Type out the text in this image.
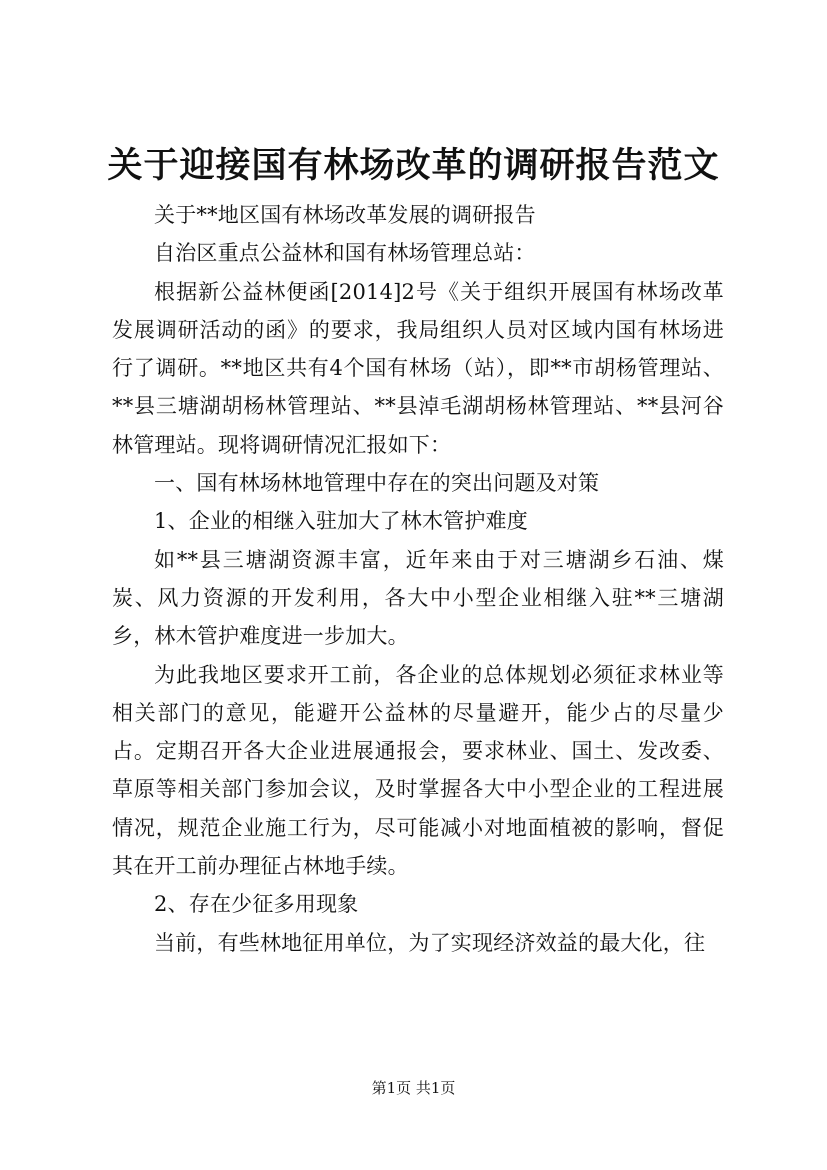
关于迎接国有林场改革的调研报告范文
关于**地区国有林场改革发展的调研报告
自治区重点公益林和国有林场管理总站：

根据新公益林便函[2014]2号《关于组织开展国有林场改革发展调研活动的函》的要求，我局组织人员对区域内国有林场进行了调研。**地区共有4个国有林场（站），即**市胡杨管理站、**县三塘湖胡杨林管理站、**县淖毛湖胡杨林管理站、**县河谷林管理站。现将调研情况汇报如下：

一、国有林场林地管理中存在的突出问题及对策
1、企业的相继入驻加大了林木管护难度

如**县三塘湖资源丰富，近年来由于对三塘湖乡石油、煤炭、风力资源的开发利用，各大中小型企业相继入驻**三塘湖乡，林木管护难度进一步加大。

为此我地区要求开工前，各企业的总体规划必须征求林业等相关部门的意见，能避开公益林的尽量避开，能少占的尽量少占。定期召开各大企业进展通报会，要求林业、国土、发改委、草原等相关部门参加会议，及时掌握各大中小型企业的工程进展情况，规范企业施工行为，尽可能减小对地面植被的影响，督促其在开工前办理征占林地手续。

2、存在少征多用现象
当前，有些林地征用单位，为了实现经济效益的最大化，往
第1页 共1页
